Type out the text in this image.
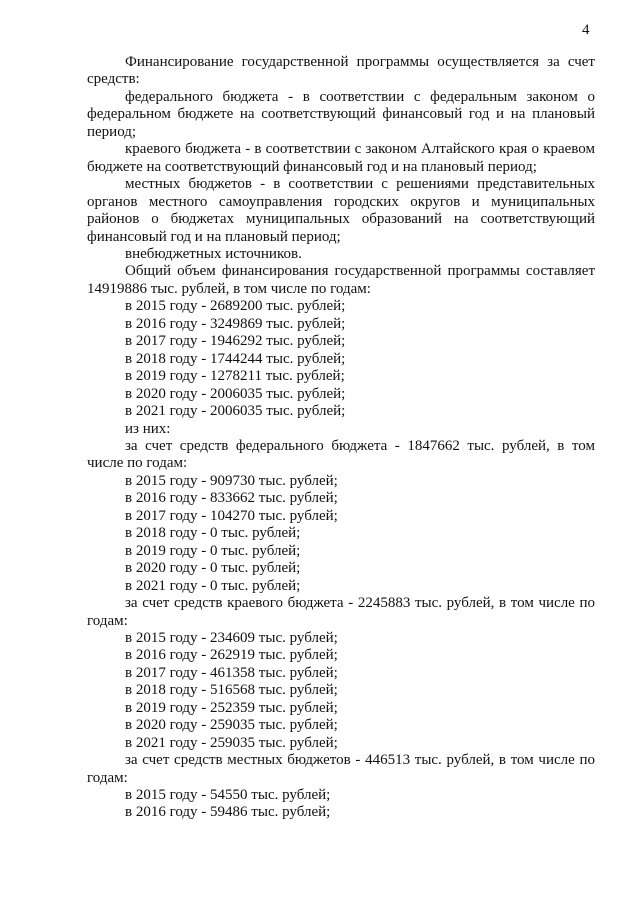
4
Финансирование государственной программы осуществляется за счет средств:
федерального бюджета - в соответствии с федеральным законом о федеральном бюджете на соответствующий финансовый год и на плановый период;
краевого бюджета - в соответствии с законом Алтайского края о краевом бюджете на соответствующий финансовый год и на плановый период;
местных бюджетов - в соответствии с решениями представительных органов местного самоуправления городских округов и муниципальных районов о бюджетах муниципальных образований на соответствующий финансовый год и на плановый период;
внебюджетных источников.
Общий объем финансирования государственной программы составляет 14919886 тыс. рублей, в том числе по годам:
в 2015 году - 2689200 тыс. рублей;
в 2016 году - 3249869 тыс. рублей;
в 2017 году - 1946292 тыс. рублей;
в 2018 году - 1744244 тыс. рублей;
в 2019 году - 1278211 тыс. рублей;
в 2020 году - 2006035 тыс. рублей;
в 2021 году - 2006035 тыс. рублей;
из них:
за счет средств федерального бюджета - 1847662 тыс. рублей, в том числе по годам:
в 2015 году - 909730 тыс. рублей;
в 2016 году - 833662 тыс. рублей;
в 2017 году - 104270 тыс. рублей;
в 2018 году - 0 тыс. рублей;
в 2019 году - 0 тыс. рублей;
в 2020 году - 0 тыс. рублей;
в 2021 году - 0 тыс. рублей;
за счет средств краевого бюджета - 2245883 тыс. рублей, в том числе по годам:
в 2015 году - 234609 тыс. рублей;
в 2016 году - 262919 тыс. рублей;
в 2017 году - 461358 тыс. рублей;
в 2018 году - 516568 тыс. рублей;
в 2019 году - 252359 тыс. рублей;
в 2020 году - 259035 тыс. рублей;
в 2021 году - 259035 тыс. рублей;
за счет средств местных бюджетов - 446513 тыс. рублей, в том числе по годам:
в 2015 году - 54550 тыс. рублей;
в 2016 году - 59486 тыс. рублей;
